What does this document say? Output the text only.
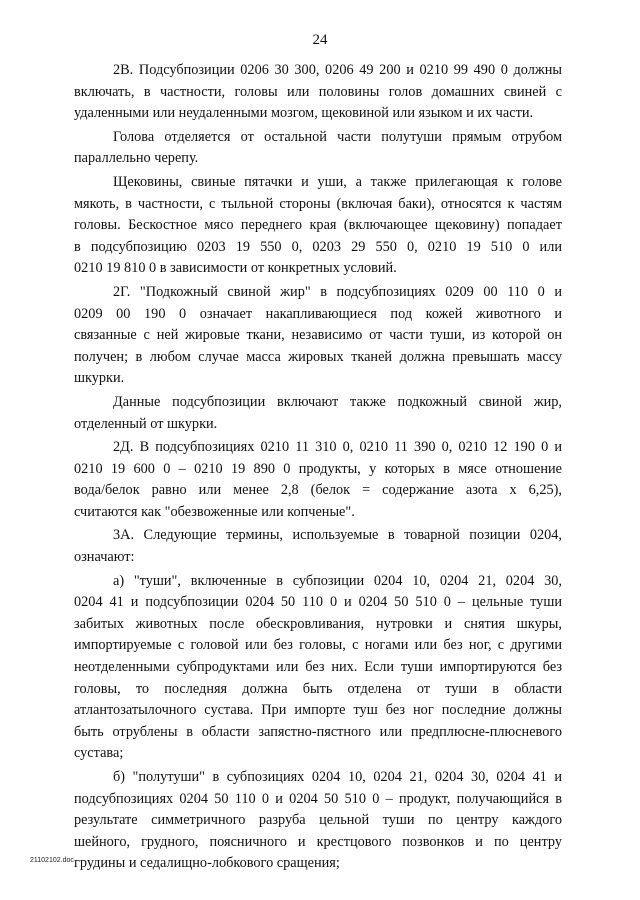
24
2В. Подсубпозиции 0206 30 300, 0206 49 200 и 0210 99 490 0 должны
включать, в частности, головы или половины голов домашних свиней с
удаленными или неудаленными мозгом, щековиной или языком и их части.
Голова отделяется от остальной части полутуши прямым отрубом
параллельно черепу.
Щековины, свиные пятачки и уши, а также прилегающая к голове
мякоть, в частности, с тыльной стороны (включая баки), относятся к частям
головы. Бескостное мясо переднего края (включающее щековину) попадает
в подсубпозицию 0203 19 550 0, 0203 29 550 0, 0210 19 510 0 или
0210 19 810 0 в зависимости от конкретных условий.
2Г. "Подкожный свиной жир" в подсубпозициях 0209 00 110 0 и
0209 00 190 0 означает накапливающиеся под кожей животного и
связанные с ней жировые ткани, независимо от части туши, из которой он
получен; в любом случае масса жировых тканей должна превышать массу
шкурки.
Данные подсубпозиции включают также подкожный свиной жир,
отделенный от шкурки.
2Д. В подсубпозициях 0210 11 310 0, 0210 11 390 0, 0210 12 190 0 и
0210 19 600 0 – 0210 19 890 0 продукты, у которых в мясе отношение
вода/белок равно или менее 2,8 (белок = содержание азота x 6,25),
считаются как "обезвоженные или копченые".
3А. Следующие термины, используемые в товарной позиции 0204,
означают:
а) "туши", включенные в субпозиции 0204 10, 0204 21, 0204 30,
0204 41 и подсубпозиции 0204 50 110 0 и 0204 50 510 0 – цельные туши
забитых животных после обескровливания, нутровки и снятия шкуры,
импортируемые с головой или без головы, с ногами или без ног, с другими
неотделенными субпродуктами или без них. Если туши импортируются без
головы, то последняя должна быть отделена от туши в области
атлантозатылочного сустава. При импорте туш без ног последние должны
быть отрублены в области запястно-пястного или предплюсне-плюсневого
сустава;
б) "полутуши" в субпозициях 0204 10, 0204 21, 0204 30, 0204 41 и
подсубпозициях 0204 50 110 0 и 0204 50 510 0 – продукт, получающийся в
результате симметричного разруба цельной туши по центру каждого
шейного, грудного, поясничного и крестцового позвонков и по центру
грудины и седалищно-лобкового сращения;
21102102.doc
